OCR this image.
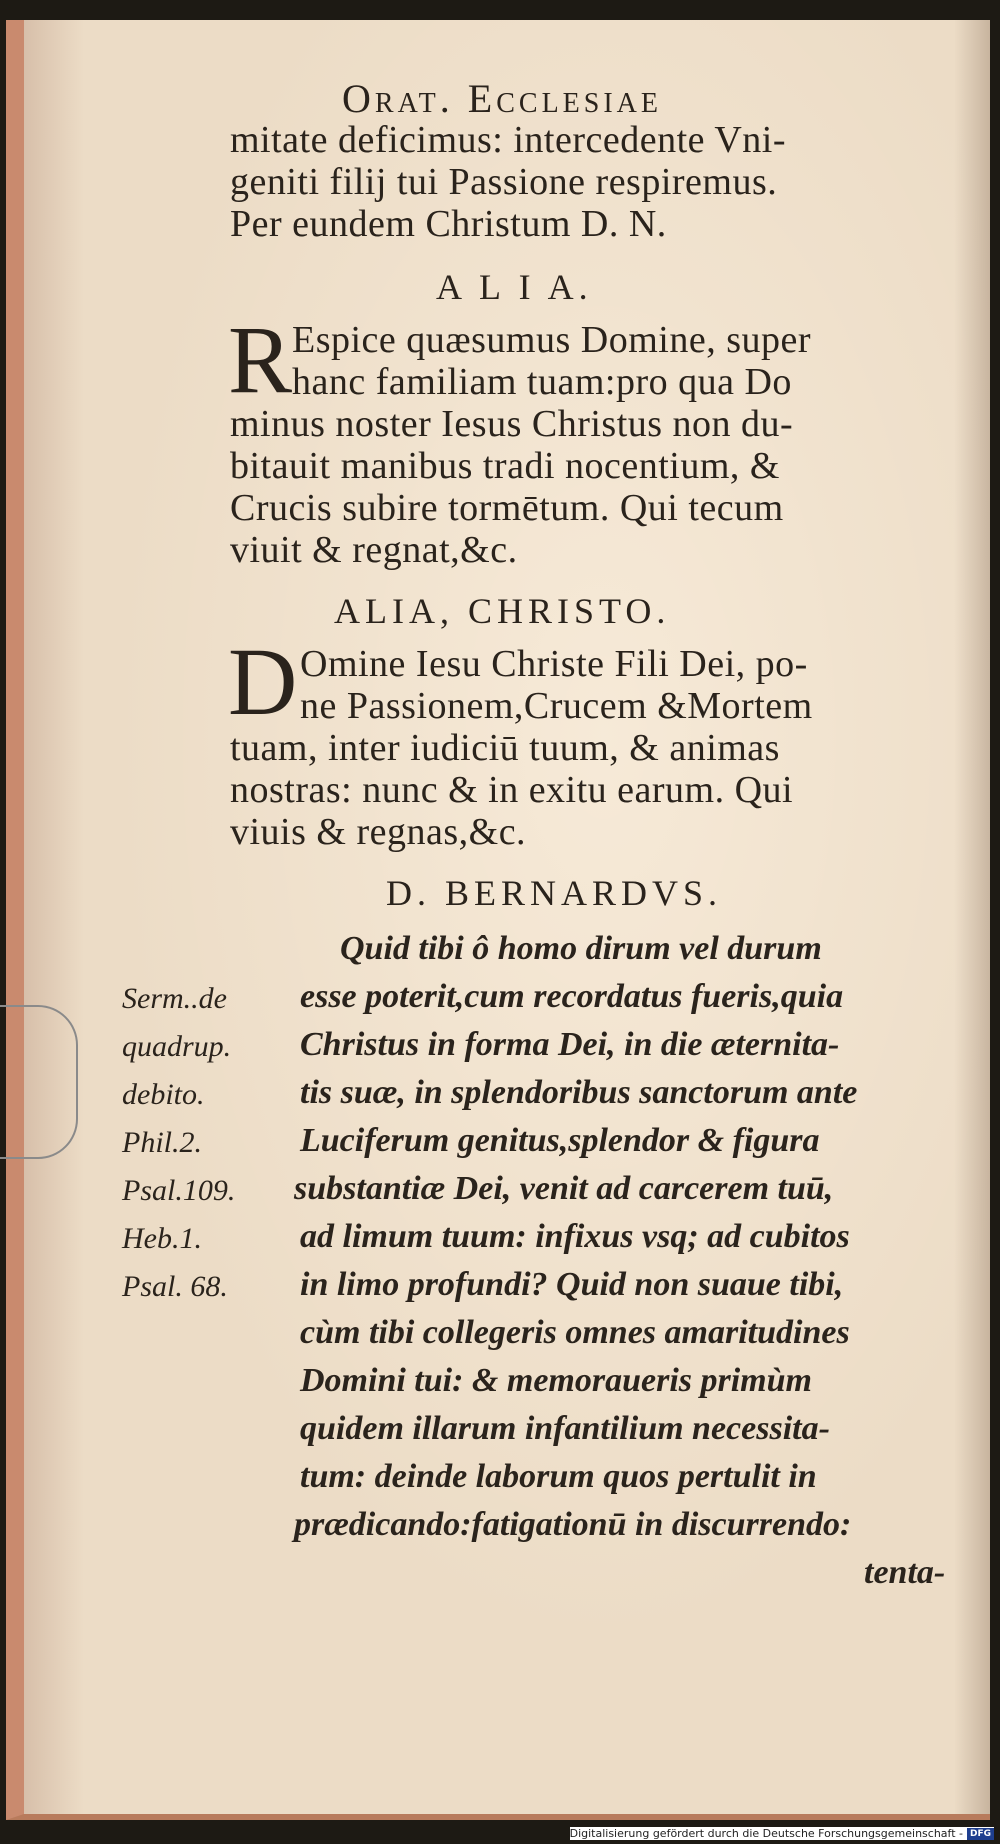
Orat. Ecclesiae
mitate deficimus: intercedente Vni-
geniti filij tui Passione respiremus.
Per eundem Christum D. N.
A L I A.
R Espice quæsumus Domine, super
hanc familiam tuam:pro qua Do
minus noster Iesus Christus non du-
bitauit manibus tradi nocentium, &
Crucis subire tormētum. Qui tecum
viuit & regnat,&c.
ALIA, CHRISTO.
D Omine Iesu Christe Fili Dei, po-
ne Passionem,Crucem &Mortem
tuam, inter iudiciū tuum, & animas
nostras: nunc & in exitu earum. Qui
viuis & regnas,&c.
D. BERNARDVS.
Quid tibi ô homo dirum vel durum
esse poterit,cum recordatus fueris,quia
Christus in forma Dei, in die æternita-
tis suæ, in splendoribus sanctorum ante
Luciferum genitus,splendor & figura
substantiæ Dei, venit ad carcerem tuū,
ad limum tuum: infixus vsq; ad cubitos
in limo profundi? Quid non suaue tibi,
cùm tibi collegeris omnes amaritudines
Domini tui: & memoraueris primùm
quidem illarum infantilium necessita-
tum: deinde laborum quos pertulit in
prædicando:fatigationū in discurrendo:
tenta-
Serm..de
quadrup.
debito.
Phil.2.
Psal.109.
Heb.1.
Psal. 68.
Digitalisierung gefördert durch die Deutsche Forschungsgemeinschaft - DFG
